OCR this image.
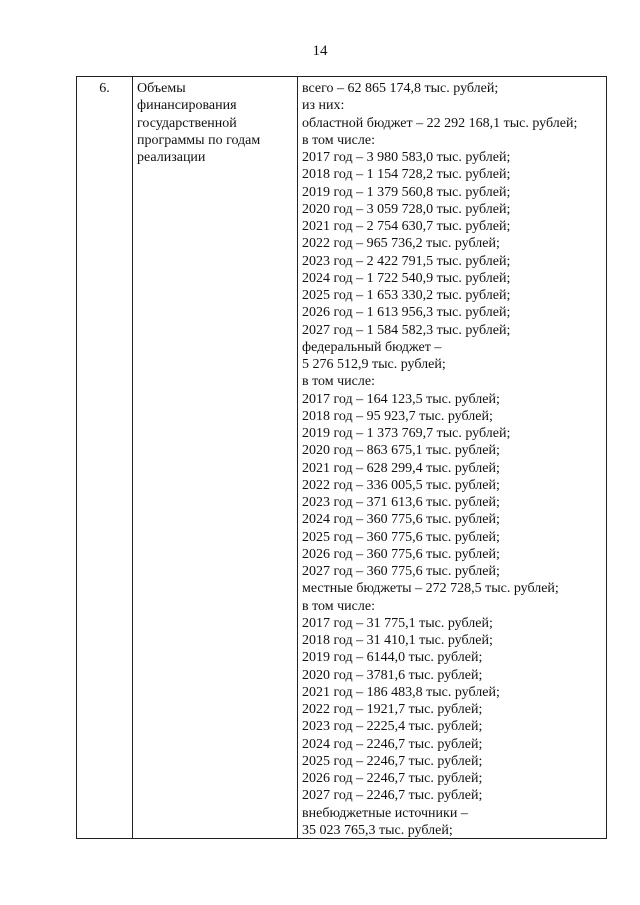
14
6.	Объемы
финансирования
государственной
программы по годам
реализации
всего – 62 865 174,8 тыс. рублей;
из них:
областной бюджет – 22 292 168,1 тыс. рублей;
в том числе:
2017 год – 3 980 583,0 тыс. рублей;
2018 год – 1 154 728,2 тыс. рублей;
2019 год – 1 379 560,8 тыс. рублей;
2020 год – 3 059 728,0 тыс. рублей;
2021 год – 2 754 630,7 тыс. рублей;
2022 год – 965 736,2 тыс. рублей;
2023 год – 2 422 791,5 тыс. рублей;
2024 год – 1 722 540,9 тыс. рублей;
2025 год – 1 653 330,2 тыс. рублей;
2026 год – 1 613 956,3 тыс. рублей;
2027 год – 1 584 582,3 тыс. рублей;
федеральный бюджет –
5 276 512,9 тыс. рублей;
в том числе:
2017 год – 164 123,5 тыс. рублей;
2018 год – 95 923,7 тыс. рублей;
2019 год – 1 373 769,7 тыс. рублей;
2020 год – 863 675,1 тыс. рублей;
2021 год – 628 299,4 тыс. рублей;
2022 год – 336 005,5 тыс. рублей;
2023 год – 371 613,6 тыс. рублей;
2024 год – 360 775,6 тыс. рублей;
2025 год – 360 775,6 тыс. рублей;
2026 год – 360 775,6 тыс. рублей;
2027 год – 360 775,6 тыс. рублей;
местные бюджеты – 272 728,5 тыс. рублей;
в том числе:
2017 год – 31 775,1 тыс. рублей;
2018 год – 31 410,1 тыс. рублей;
2019 год – 6144,0 тыс. рублей;
2020 год – 3781,6 тыс. рублей;
2021 год – 186 483,8 тыс. рублей;
2022 год – 1921,7 тыс. рублей;
2023 год – 2225,4 тыс. рублей;
2024 год – 2246,7 тыс. рублей;
2025 год – 2246,7 тыс. рублей;
2026 год – 2246,7 тыс. рублей;
2027 год – 2246,7 тыс. рублей;
внебюджетные источники –
35 023 765,3 тыс. рублей;
